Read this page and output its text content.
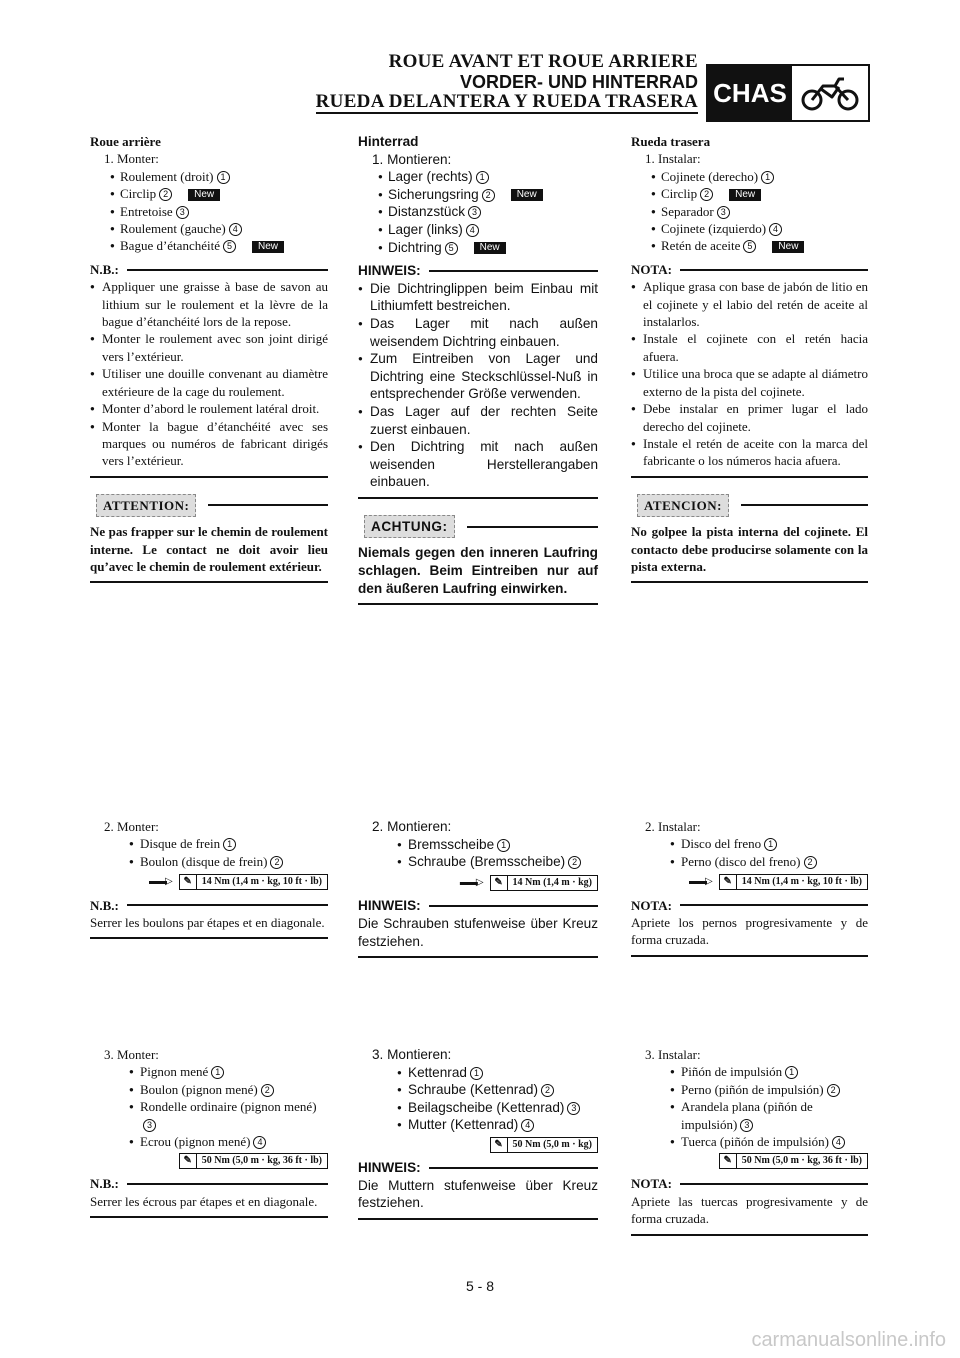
ROUE AVANT ET ROUE ARRIERE
VORDER- UND HINTERRAD
RUEDA DELANTERA Y RUEDA TRASERA CHAS
Roue arrière
1. Monter:
● Roulement (droit) 1
● Circlip 2	New
● Entretoise 3
● Roulement (gauche) 4
● Bague d’étanchéité 5	New
N.B.:
● Appliquer une graisse à base de savon au lithium sur le roulement et la lèvre de la bague d’étanchéité lors de la repose.
● Monter le roulement avec son joint dirigé vers l’extérieur.
● Utiliser une douille convenant au diamètre extérieure de la cage du roulement.
● Monter d’abord le roulement latéral droit.
● Monter la bague d’étanchéité avec ses marques ou numéros de fabricant dirigés vers l’extérieur.
ATTENTION:
Ne pas frapper sur le chemin de roulement interne. Le contact ne doit avoir lieu qu’avec le chemin de roulement extérieur.
2. Monter:
● Disque de frein 1
● Boulon (disque de frein) 2
▬▬▷	✎ 14 Nm (1,4 m · kg, 10 ft · lb)
N.B.:
Serrer les boulons par étapes et en diagonale.
3. Monter:
● Pignon mené 1
● Boulon (pignon mené) 2
● Rondelle ordinaire (pignon mené)3
● Ecrou (pignon mené) 4
✎ 50 Nm (5,0 m · kg, 36 ft · lb)
N.B.:
Serrer les écrous par étapes et en diagonale.
Hinterrad
1. Montieren:
● Lager (rechts) 1
● Sicherungsring 2	New
● Distanzstück 3
● Lager (links) 4
● Dichtring 5	New
HINWEIS:
● Die Dichtringlippen beim Einbau mit Lithiumfett bestreichen.
● Das Lager mit nach außen weisendem Dichtring einbauen.
● Zum Eintreiben von Lager und Dichtring eine Steckschlüssel-Nuß in entsprechender Größe verwenden.
● Das Lager auf der rechten Seite zuerst einbauen.
● Den Dichtring mit nach außen weisenden Herstellerangaben einbauen.
ACHTUNG:
Niemals gegen den inneren Laufring schlagen. Beim Eintreiben nur auf den äußeren Laufring einwirken.
2. Montieren:
● Bremsscheibe 1
● Schraube (Bremsscheibe) 2
▬▬▷	✎ 14 Nm (1,4 m · kg)
HINWEIS:
Die Schrauben stufenweise über Kreuz festziehen.
3. Montieren:
● Kettenrad 1
● Schraube (Kettenrad) 2
● Beilagscheibe (Kettenrad) 3
● Mutter (Kettenrad) 4
✎ 50 Nm (5,0 m · kg)
HINWEIS:
Die Muttern stufenweise über Kreuz festziehen.
Rueda trasera
1. Instalar:
● Cojinete (derecho) 1
● Circlip 2	New
● Separador 3
● Cojinete (izquierdo) 4
● Retén de aceite 5	New
NOTA:
● Aplique grasa con base de jabón de litio en el cojinete y el labio del retén de aceite al instalarlos.
● Instale el cojinete con el retén hacia afuera.
● Utilice una broca que se adapte al diámetro externo de la pista del cojinete.
● Debe instalar en primer lugar el lado derecho del cojinete.
● Instale el retén de aceite con la marca del fabricante o los números hacia afuera.
ATENCION:
No golpee la pista interna del cojinete. El contacto debe producirse solamente con la pista externa.
2. Instalar:
● Disco del freno 1
● Perno (disco del freno) 2
▬▬▷	✎ 14 Nm (1,4 m · kg, 10 ft · lb)
NOTA:
Apriete los pernos progresivamente y de forma cruzada.
3. Instalar:
● Piñón de impulsión 1
● Perno (piñón de impulsión) 2
● Arandela plana (piñón de impulsión) 3
● Tuerca (piñón de impulsión) 4
✎ 50 Nm (5,0 m · kg, 36 ft · lb)
NOTA:
Apriete las tuercas progresivamente y de forma cruzada.
5 - 8
carmanualsonline.info
